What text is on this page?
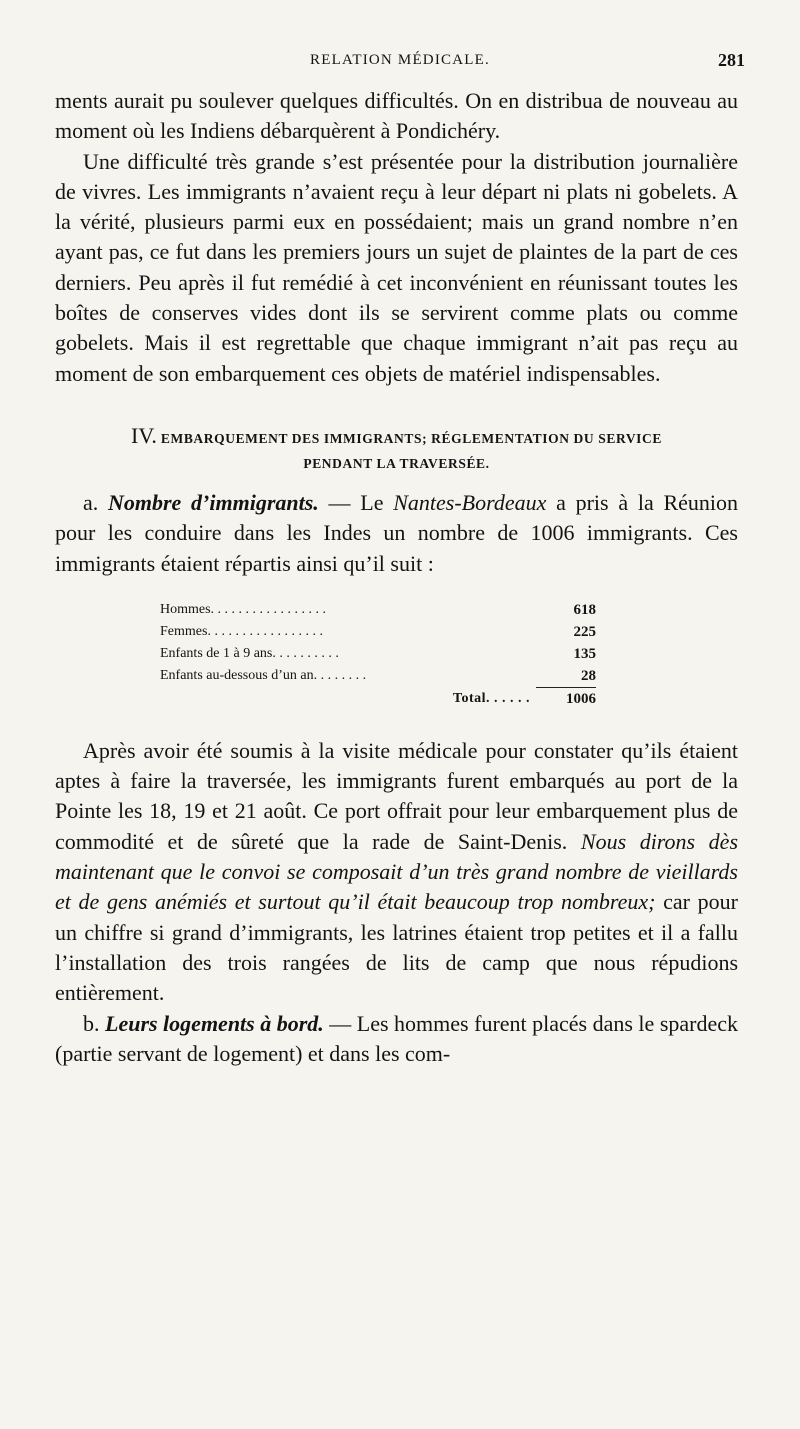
RELATION MÉDICALE.	281

ments aurait pu soulever quelques difficultés. On en distribua de nouveau au moment où les Indiens débarquèrent à Pondichéry.

Une difficulté très grande s’est présentée pour la distribution journalière de vivres. Les immigrants n’avaient reçu à leur départ ni plats ni gobelets. A la vérité, plusieurs parmi eux en possédaient; mais un grand nombre n’en ayant pas, ce fut dans les premiers jours un sujet de plaintes de la part de ces derniers. Peu après il fut remédié à cet inconvénient en réunissant toutes les boîtes de conserves vides dont ils se servirent comme plats ou comme gobelets. Mais il est regrettable que chaque immigrant n’ait pas reçu au moment de son embarquement ces objets de matériel indispensables.

IV. EMBARQUEMENT DES IMMIGRANTS; RÉGLEMENTATION DU SERVICE
PENDANT LA TRAVERSÉE.

a. Nombre d’immigrants. — Le Nantes-Bordeaux a pris à la Réunion pour les conduire dans les Indes un nombre de 1006 immigrants. Ces immigrants étaient répartis ainsi qu’il suit :

Hommes. . . . . . . . . . . . . . . . .	618
Femmes. . . . . . . . . . . . . . . . .	225
Enfants de 1 à 9 ans. . . . . . . . . .	135
Enfants au-dessous d’un an. . . . . . . .	28
Total. . . . . .	1006

Après avoir été soumis à la visite médicale pour constater qu’ils étaient aptes à faire la traversée, les immigrants furent embarqués au port de la Pointe les 18, 19 et 21 août. Ce port offrait pour leur embarquement plus de commodité et de sûreté que la rade de Saint-Denis. Nous dirons dès maintenant que le convoi se composait d’un très grand nombre de vieillards et de gens anémiés et surtout qu’il était beaucoup trop nombreux; car pour un chiffre si grand d’immigrants, les latrines étaient trop petites et il a fallu l’installation des trois rangées de lits de camp que nous répudions entièrement.

b. Leurs logements à bord. — Les hommes furent placés dans le spardeck (partie servant de logement) et dans les com-
